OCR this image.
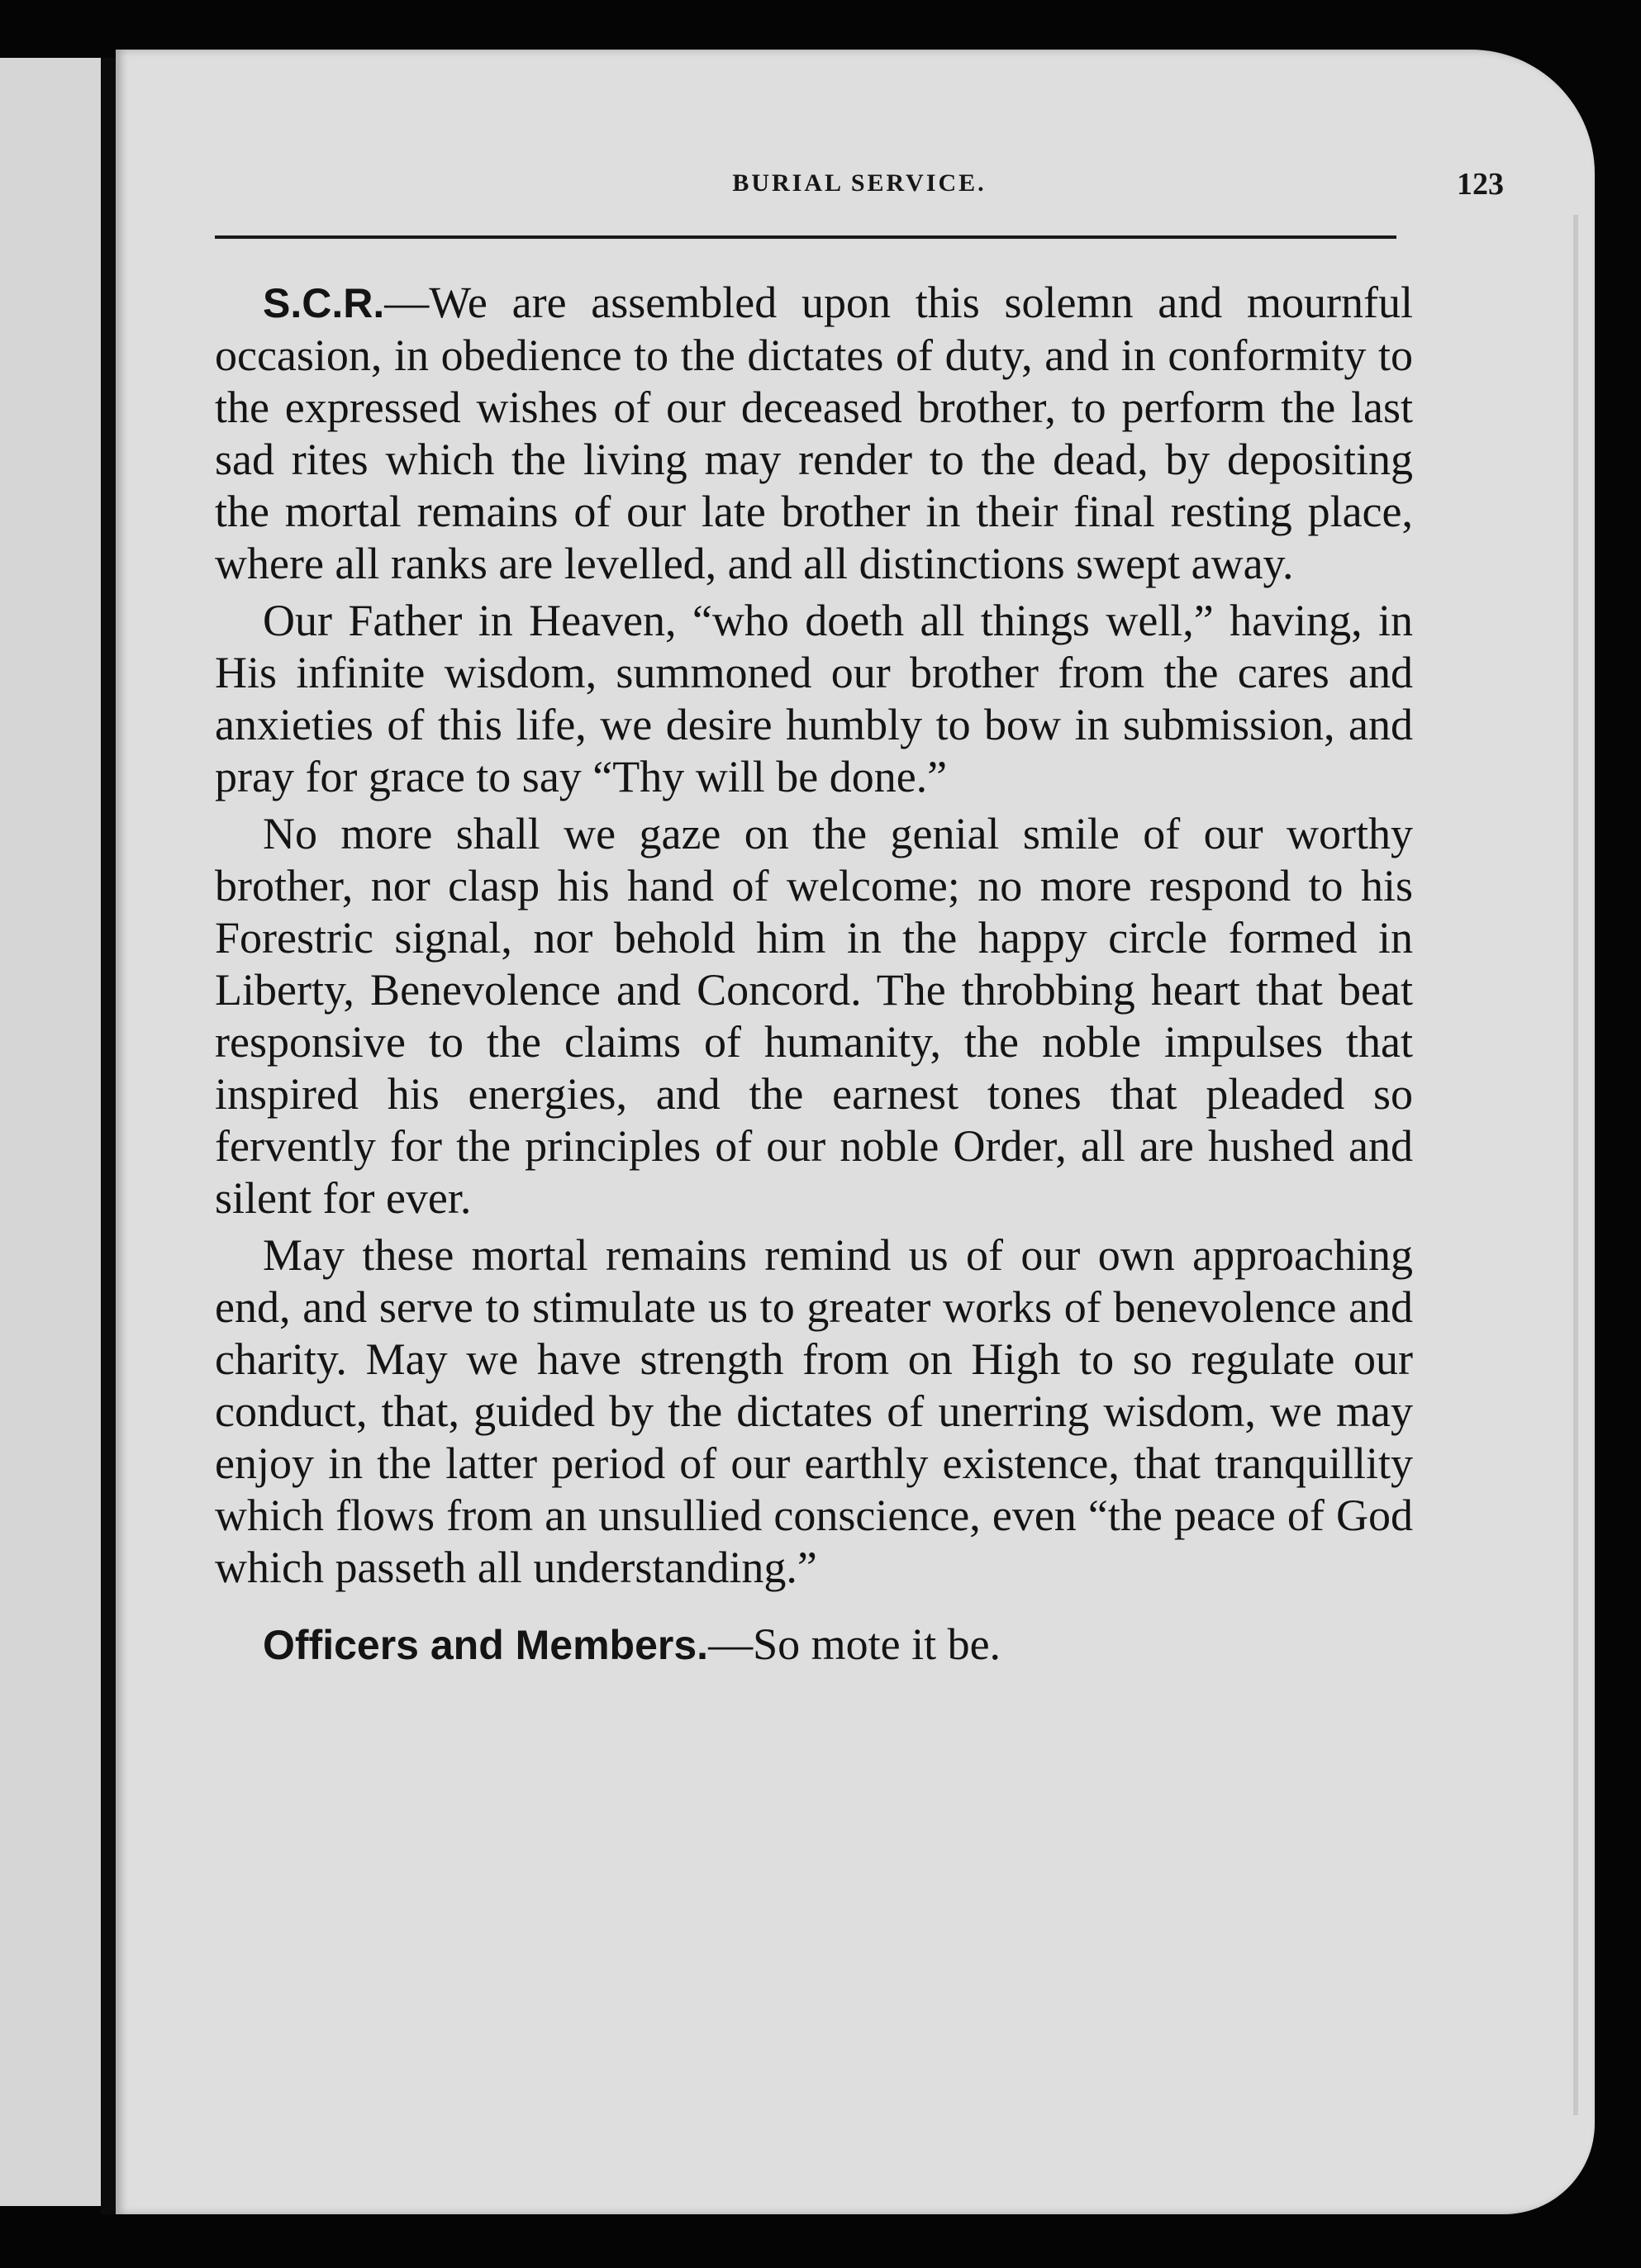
BURIAL SERVICE.	123

S.C.R.—We are assembled upon this solemn and mournful occasion, in obedience to the dictates of duty, and in conformity to the expressed wishes of our deceased brother, to perform the last sad rites which the living may render to the dead, by depositing the mortal remains of our late brother in their final resting place, where all ranks are levelled, and all distinctions swept away.

Our Father in Heaven, “who doeth all things well,” having, in His infinite wisdom, summoned our brother from the cares and anxieties of this life, we desire humbly to bow in submission, and pray for grace to say “Thy will be done.”

No more shall we gaze on the genial smile of our worthy brother, nor clasp his hand of welcome; no more respond to his Forestric signal, nor behold him in the happy circle formed in Liberty, Benevolence and Concord. The throbbing heart that beat responsive to the claims of humanity, the noble impulses that inspired his energies, and the earnest tones that pleaded so fervently for the principles of our noble Order, all are hushed and silent for ever.

May these mortal remains remind us of our own approaching end, and serve to stimulate us to greater works of benevolence and charity. May we have strength from on High to so regulate our conduct, that, guided by the dictates of unerring wisdom, we may enjoy in the latter period of our earthly existence, that tranquillity which flows from an unsullied conscience, even “the peace of God which passeth all understanding.”

Officers and Members.—So mote it be.
